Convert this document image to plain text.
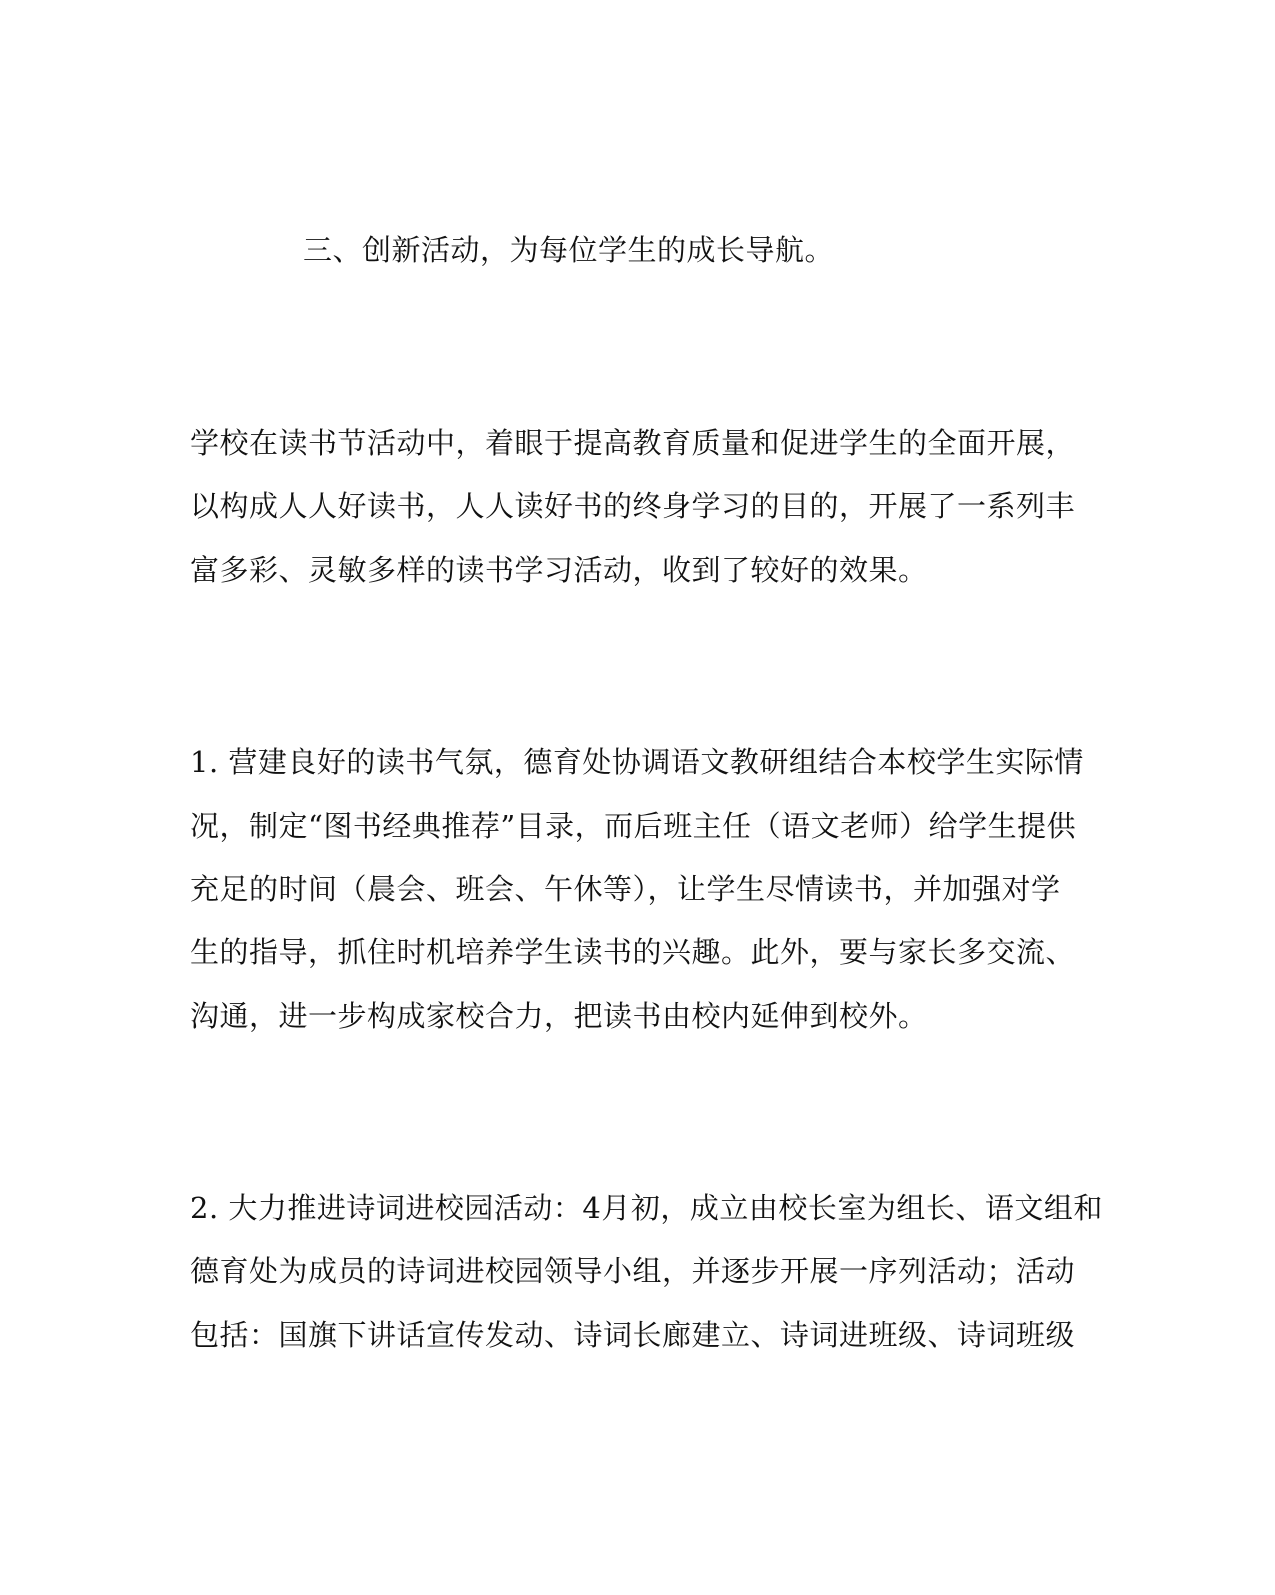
三、创新活动，为每位学生的成长导航。
学校在读书节活动中，着眼于提高教育质量和促进学生的全面开展，
以构成人人好读书，人人读好书的终身学习的目的，开展了一系列丰
富多彩、灵敏多样的读书学习活动，收到了较好的效果。
1. 营建良好的读书气氛，德育处协调语文教研组结合本校学生实际情
况，制定“图书经典推荐”目录，而后班主任（语文老师）给学生提供
充足的时间（晨会、班会、午休等），让学生尽情读书，并加强对学
生的指导，抓住时机培养学生读书的兴趣。此外，要与家长多交流、
沟通，进一步构成家校合力，把读书由校内延伸到校外。
2. 大力推进诗词进校园活动：4月初，成立由校长室为组长、语文组和
德育处为成员的诗词进校园领导小组，并逐步开展一序列活动；活动
包括：国旗下讲话宣传发动、诗词长廊建立、诗词进班级、诗词班级
